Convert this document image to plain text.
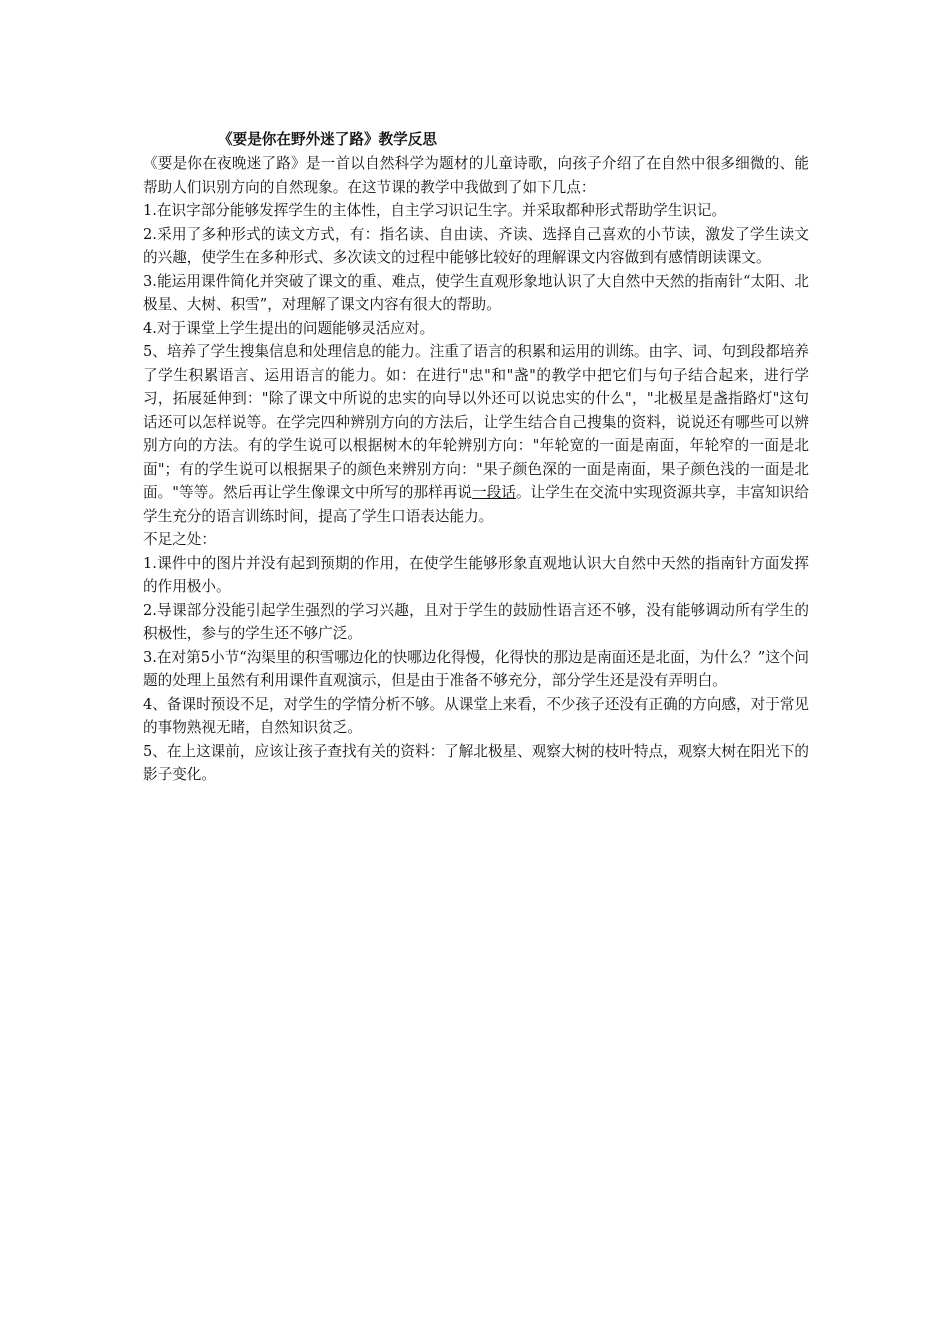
《要是你在野外迷了路》教学反思

《要是你在夜晚迷了路》是一首以自然科学为题材的儿童诗歌，向孩子介绍了在自然中很多细微的、能帮助人们识别方向的自然现象。在这节课的教学中我做到了如下几点：

1.在识字部分能够发挥学生的主体性，自主学习识记生字。并采取都种形式帮助学生识记。

2.采用了多种形式的读文方式，有：指名读、自由读、齐读、选择自己喜欢的小节读，激发了学生读文的兴趣，使学生在多种形式、多次读文的过程中能够比较好的理解课文内容做到有感情朗读课文。

3.能运用课件简化并突破了课文的重、难点，使学生直观形象地认识了大自然中天然的指南针“太阳、北极星、大树、积雪”，对理解了课文内容有很大的帮助。

4.对于课堂上学生提出的问题能够灵活应对。

5、培养了学生搜集信息和处理信息的能力。注重了语言的积累和运用的训练。由字、词、句到段都培养了学生积累语言、运用语言的能力。如：在进行"忠"和"盏"的教学中把它们与句子结合起来，进行学习，拓展延伸到："除了课文中所说的忠实的向导以外还可以说忠实的什么"，"北极星是盏指路灯"这句话还可以怎样说等。在学完四种辨别方向的方法后，让学生结合自己搜集的资料，说说还有哪些可以辨别方向的方法。有的学生说可以根据树木的年轮辨别方向："年轮宽的一面是南面，年轮窄的一面是北面"；有的学生说可以根据果子的颜色来辨别方向："果子颜色深的一面是南面，果子颜色浅的一面是北面。"等等。然后再让学生像课文中所写的那样再说一段话。让学生在交流中实现资源共享，丰富知识给学生充分的语言训练时间，提高了学生口语表达能力。

不足之处：

1.课件中的图片并没有起到预期的作用，在使学生能够形象直观地认识大自然中天然的指南针方面发挥的作用极小。

2.导课部分没能引起学生强烈的学习兴趣，且对于学生的鼓励性语言还不够，没有能够调动所有学生的积极性，参与的学生还不够广泛。

3.在对第5小节“沟渠里的积雪哪边化的快哪边化得慢，化得快的那边是南面还是北面，为什么？”这个问题的处理上虽然有利用课件直观演示，但是由于准备不够充分，部分学生还是没有弄明白。

4、备课时预设不足，对学生的学情分析不够。从课堂上来看，不少孩子还没有正确的方向感，对于常见的事物熟视无睹，自然知识贫乏。

5、在上这课前，应该让孩子查找有关的资料：了解北极星、观察大树的枝叶特点，观察大树在阳光下的影子变化。
